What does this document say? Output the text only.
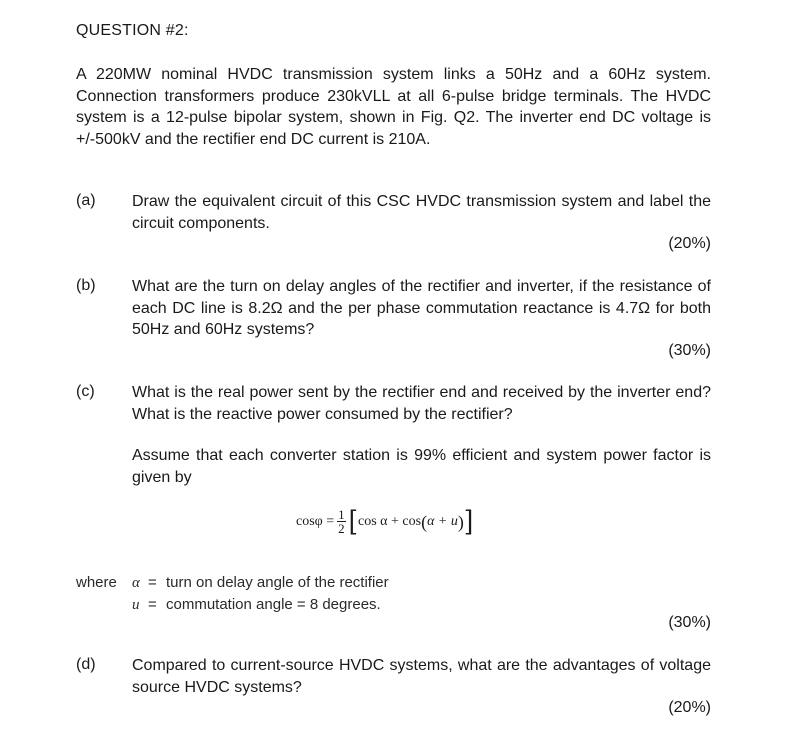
QUESTION #2:

A 220MW nominal HVDC transmission system links a 50Hz and a 60Hz system. Connection transformers produce 230kVLL at all 6-pulse bridge terminals. The HVDC system is a 12-pulse bipolar system, shown in Fig. Q2. The inverter end DC voltage is +/-500kV and the rectifier end DC current is 210A.

(a) Draw the equivalent circuit of this CSC HVDC transmission system and label the circuit components.

(20%)
(b) What are the turn on delay angles of the rectifier and inverter, if the resistance of each DC line is 8.2Ω and the per phase commutation reactance is 4.7Ω for both 50Hz and 60Hz systems?

(30%)
(c) What is the real power sent by the rectifier end and received by the inverter end? What is the reactive power consumed by the rectifier?

Assume that each converter station is 99% efficient and system power factor is given by

$\cos\varphi = \frac{1}{2}$ [ cos α + cos ( α + u ) ]
where	α = turn on delay angle of the rectifier
u = commutation angle = 8 degrees.
(30%)
(d) Compared to current-source HVDC systems, what are the advantages of voltage source HVDC systems?

(20%)
